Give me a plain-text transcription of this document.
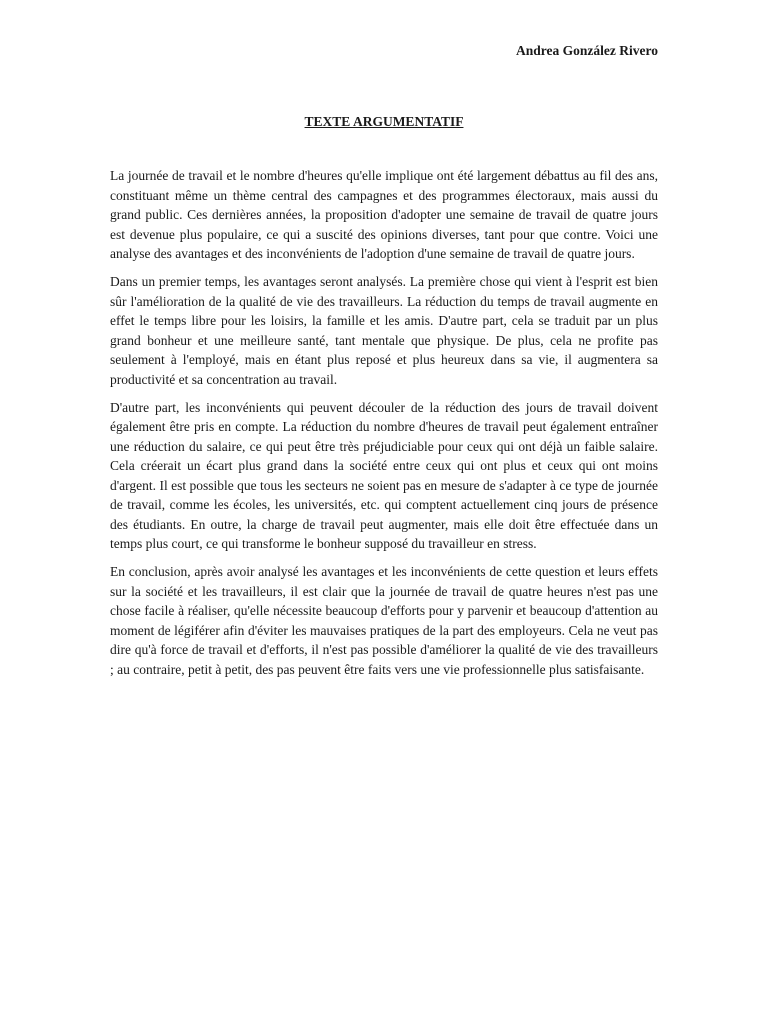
Andrea González Rivero
TEXTE ARGUMENTATIF

La journée de travail et le nombre d'heures qu'elle implique ont été largement débattus au fil des ans, constituant même un thème central des campagnes et des programmes électoraux, mais aussi du grand public. Ces dernières années, la proposition d'adopter une semaine de travail de quatre jours est devenue plus populaire, ce qui a suscité des opinions diverses, tant pour que contre. Voici une analyse des avantages et des inconvénients de l'adoption d'une semaine de travail de quatre jours.

Dans un premier temps, les avantages seront analysés. La première chose qui vient à l'esprit est bien sûr l'amélioration de la qualité de vie des travailleurs. La réduction du temps de travail augmente en effet le temps libre pour les loisirs, la famille et les amis. D'autre part, cela se traduit par un plus grand bonheur et une meilleure santé, tant mentale que physique. De plus, cela ne profite pas seulement à l'employé, mais en étant plus reposé et plus heureux dans sa vie, il augmentera sa productivité et sa concentration au travail.

D'autre part, les inconvénients qui peuvent découler de la réduction des jours de travail doivent également être pris en compte. La réduction du nombre d'heures de travail peut également entraîner une réduction du salaire, ce qui peut être très préjudiciable pour ceux qui ont déjà un faible salaire. Cela créerait un écart plus grand dans la société entre ceux qui ont plus et ceux qui ont moins d'argent. Il est possible que tous les secteurs ne soient pas en mesure de s'adapter à ce type de journée de travail, comme les écoles, les universités, etc. qui comptent actuellement cinq jours de présence des étudiants. En outre, la charge de travail peut augmenter, mais elle doit être effectuée dans un temps plus court, ce qui transforme le bonheur supposé du travailleur en stress.

En conclusion, après avoir analysé les avantages et les inconvénients de cette question et leurs effets sur la société et les travailleurs, il est clair que la journée de travail de quatre heures n'est pas une chose facile à réaliser, qu'elle nécessite beaucoup d'efforts pour y parvenir et beaucoup d'attention au moment de légiférer afin d'éviter les mauvaises pratiques de la part des employeurs. Cela ne veut pas dire qu'à force de travail et d'efforts, il n'est pas possible d'améliorer la qualité de vie des travailleurs ; au contraire, petit à petit, des pas peuvent être faits vers une vie professionnelle plus satisfaisante.
